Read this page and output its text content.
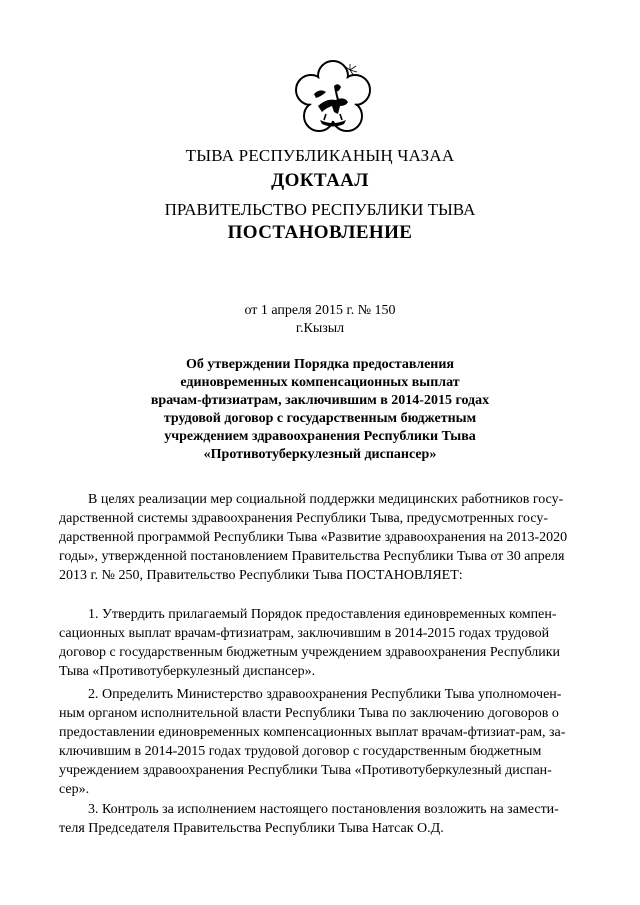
ТЫВА РЕСПУБЛИКАНЫҢ ЧАЗАА
ДОКТААЛ
ПРАВИТЕЛЬСТВО РЕСПУБЛИКИ ТЫВА
ПОСТАНОВЛЕНИЕ
от 1 апреля 2015 г. № 150
г.Кызыл
Об утверждении Порядка предоставления
единовременных компенсационных выплат
врачам-фтизиатрам, заключившим в 2014-2015 годах
трудовой договор с государственным бюджетным
учреждением здравоохранения Республики Тыва
«Противотуберкулезный диспансер»
В целях реализации мер социальной поддержки медицинских работников госу-
дарственной системы здравоохранения Республики Тыва, предусмотренных госу-
дарственной программой Республики Тыва «Развитие здравоохранения на 2013-2020
годы», утвержденной постановлением Правительства Республики Тыва от 30 апреля
2013 г. № 250, Правительство Республики Тыва ПОСТАНОВЛЯЕТ:
1. Утвердить прилагаемый Порядок предоставления единовременных компен-
сационных выплат врачам-фтизиатрам, заключившим в 2014-2015 годах трудовой
договор с государственным бюджетным учреждением здравоохранения Республики
Тыва «Противотуберкулезный диспансер».
2. Определить Министерство здравоохранения Республики Тыва уполномочен-
ным органом исполнительной власти Республики Тыва по заключению договоров о
предоставлении единовременных компенсационных выплат врачам-фтизиат-рам, за-
ключившим в 2014-2015 годах трудовой договор с государственным бюджетным
учреждением здравоохранения Республики Тыва «Противотуберкулезный диспан-
сер».
3. Контроль за исполнением настоящего постановления возложить на замести-
теля Председателя Правительства Республики Тыва Натсак О.Д.
